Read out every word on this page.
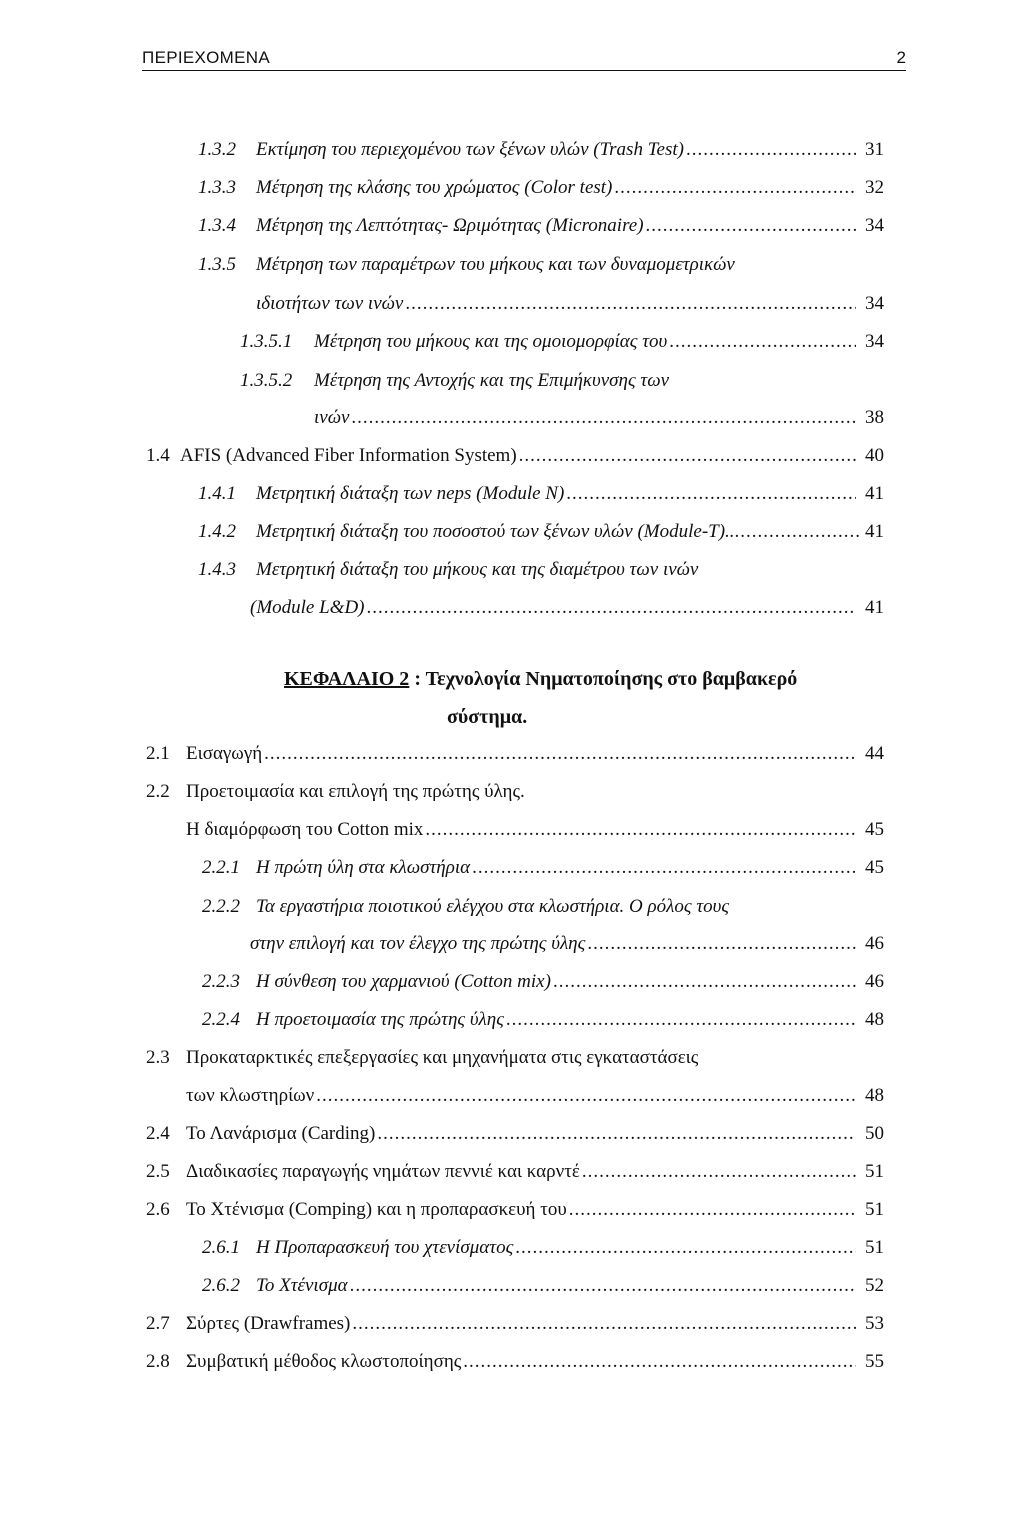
ΠΕΡΙΕΧΟΜΕΝΑ	2
1.3.2	Εκτίμηση του περιεχομένου των ξένων υλών (Trash Test) .....	31
1.3.3	Μέτρηση της κλάσης του χρώματος (Color test) .....	32
1.3.4	Μέτρηση της Λεπτότητας- Ωριμότητας (Micronaire) .....	34
1.3.5 Μέτρηση των παραμέτρων του μήκους και των δυναμομετρικών
ιδιοτήτων των ινών .....	34
1.3.5.1	Μέτρηση του μήκους και της ομοιομορφίας του .....	34
1.3.5.2 Μέτρηση της Αντοχής και της Επιμήκυνσης των
ινών .....	38
1.4 AFIS (Advanced Fiber Information System) .....	40
1.4.1	Μετρητική διάταξη των neps (Module N) .....	41
1.4.2	Μετρητική διάταξη του ποσοστού των ξένων υλών (Module-T).. .....	41
1.4.3 Μετρητική διάταξη του μήκους και της διαμέτρου των ινών
(Module L&D) .....	41
ΚΕΦΑΛΑΙΟ 2 : Τεχνολογία Νηματοποίησης στο βαμβακερό
σύστημα.
2.1 Εισαγωγή .....	44
2.2 Προετοιμασία και επιλογή της πρώτης ύλης.
Η διαμόρφωση του Cotton mix .....	45
2.2.1 Η πρώτη ύλη στα κλωστήρια .....	45
2.2.2 Τα εργαστήρια ποιοτικού ελέγχου στα κλωστήρια. Ο ρόλος τους
στην επιλογή και τον έλεγχο της πρώτης ύλης .....	46
2.2.3 Η σύνθεση του χαρμανιού (Cotton mix) .....	46
2.2.4 Η προετοιμασία της πρώτης ύλης .....	48
2.3 Προκαταρκτικές επεξεργασίες και μηχανήματα στις εγκαταστάσεις
των κλωστηρίων .....	48
2.4 Το Λανάρισμα (Carding) .....	50
2.5 Διαδικασίες παραγωγής νημάτων πεννιέ και καρντέ .....	51
2.6 Το Χτένισμα (Comping) και η προπαρασκευή του .....	51
2.6.1 Η Προπαρασκευή του χτενίσματος .....	51
2.6.2 Το Χτένισμα .....	52
2.7 Σύρτες (Drawframes) .....	53
2.8 Συμβατική μέθοδος κλωστοποίησης .....	55
